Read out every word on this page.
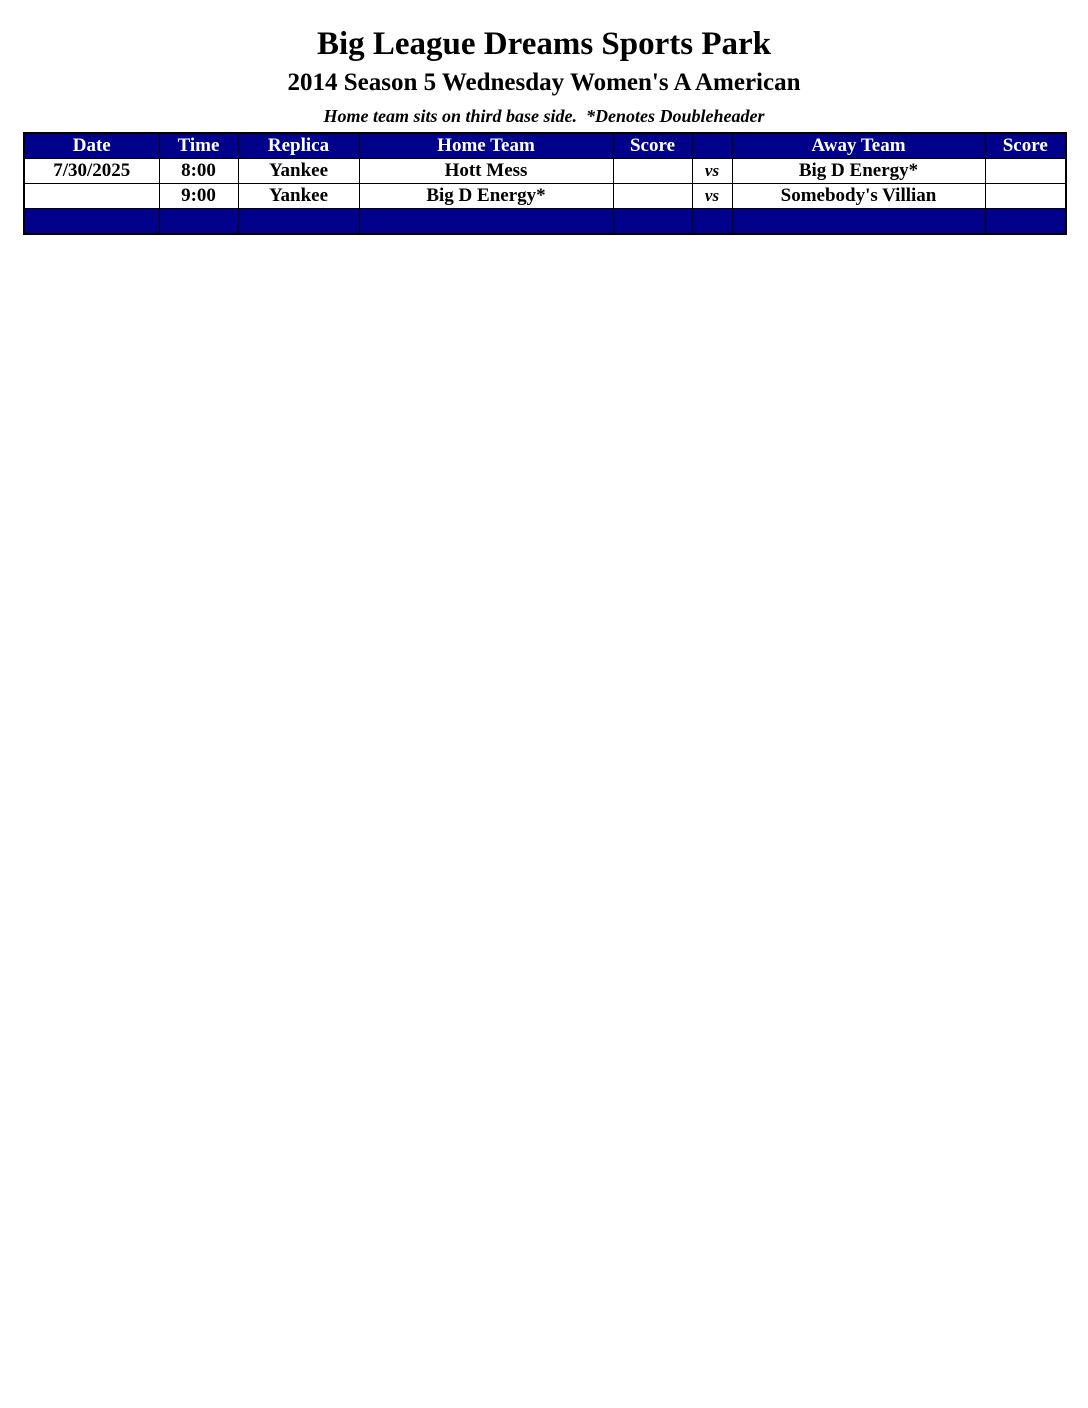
Big League Dreams Sports Park
2014 Season 5 Wednesday Women's A American
Home team sits on third base side.  *Denotes Doubleheader
Date	Time	Replica	Home Team	Score		Away Team	Score
7/30/2025	8:00	Yankee	Hott Mess		vs	Big D Energy*	
	9:00	Yankee	Big D Energy*		vs	Somebody's Villian	
